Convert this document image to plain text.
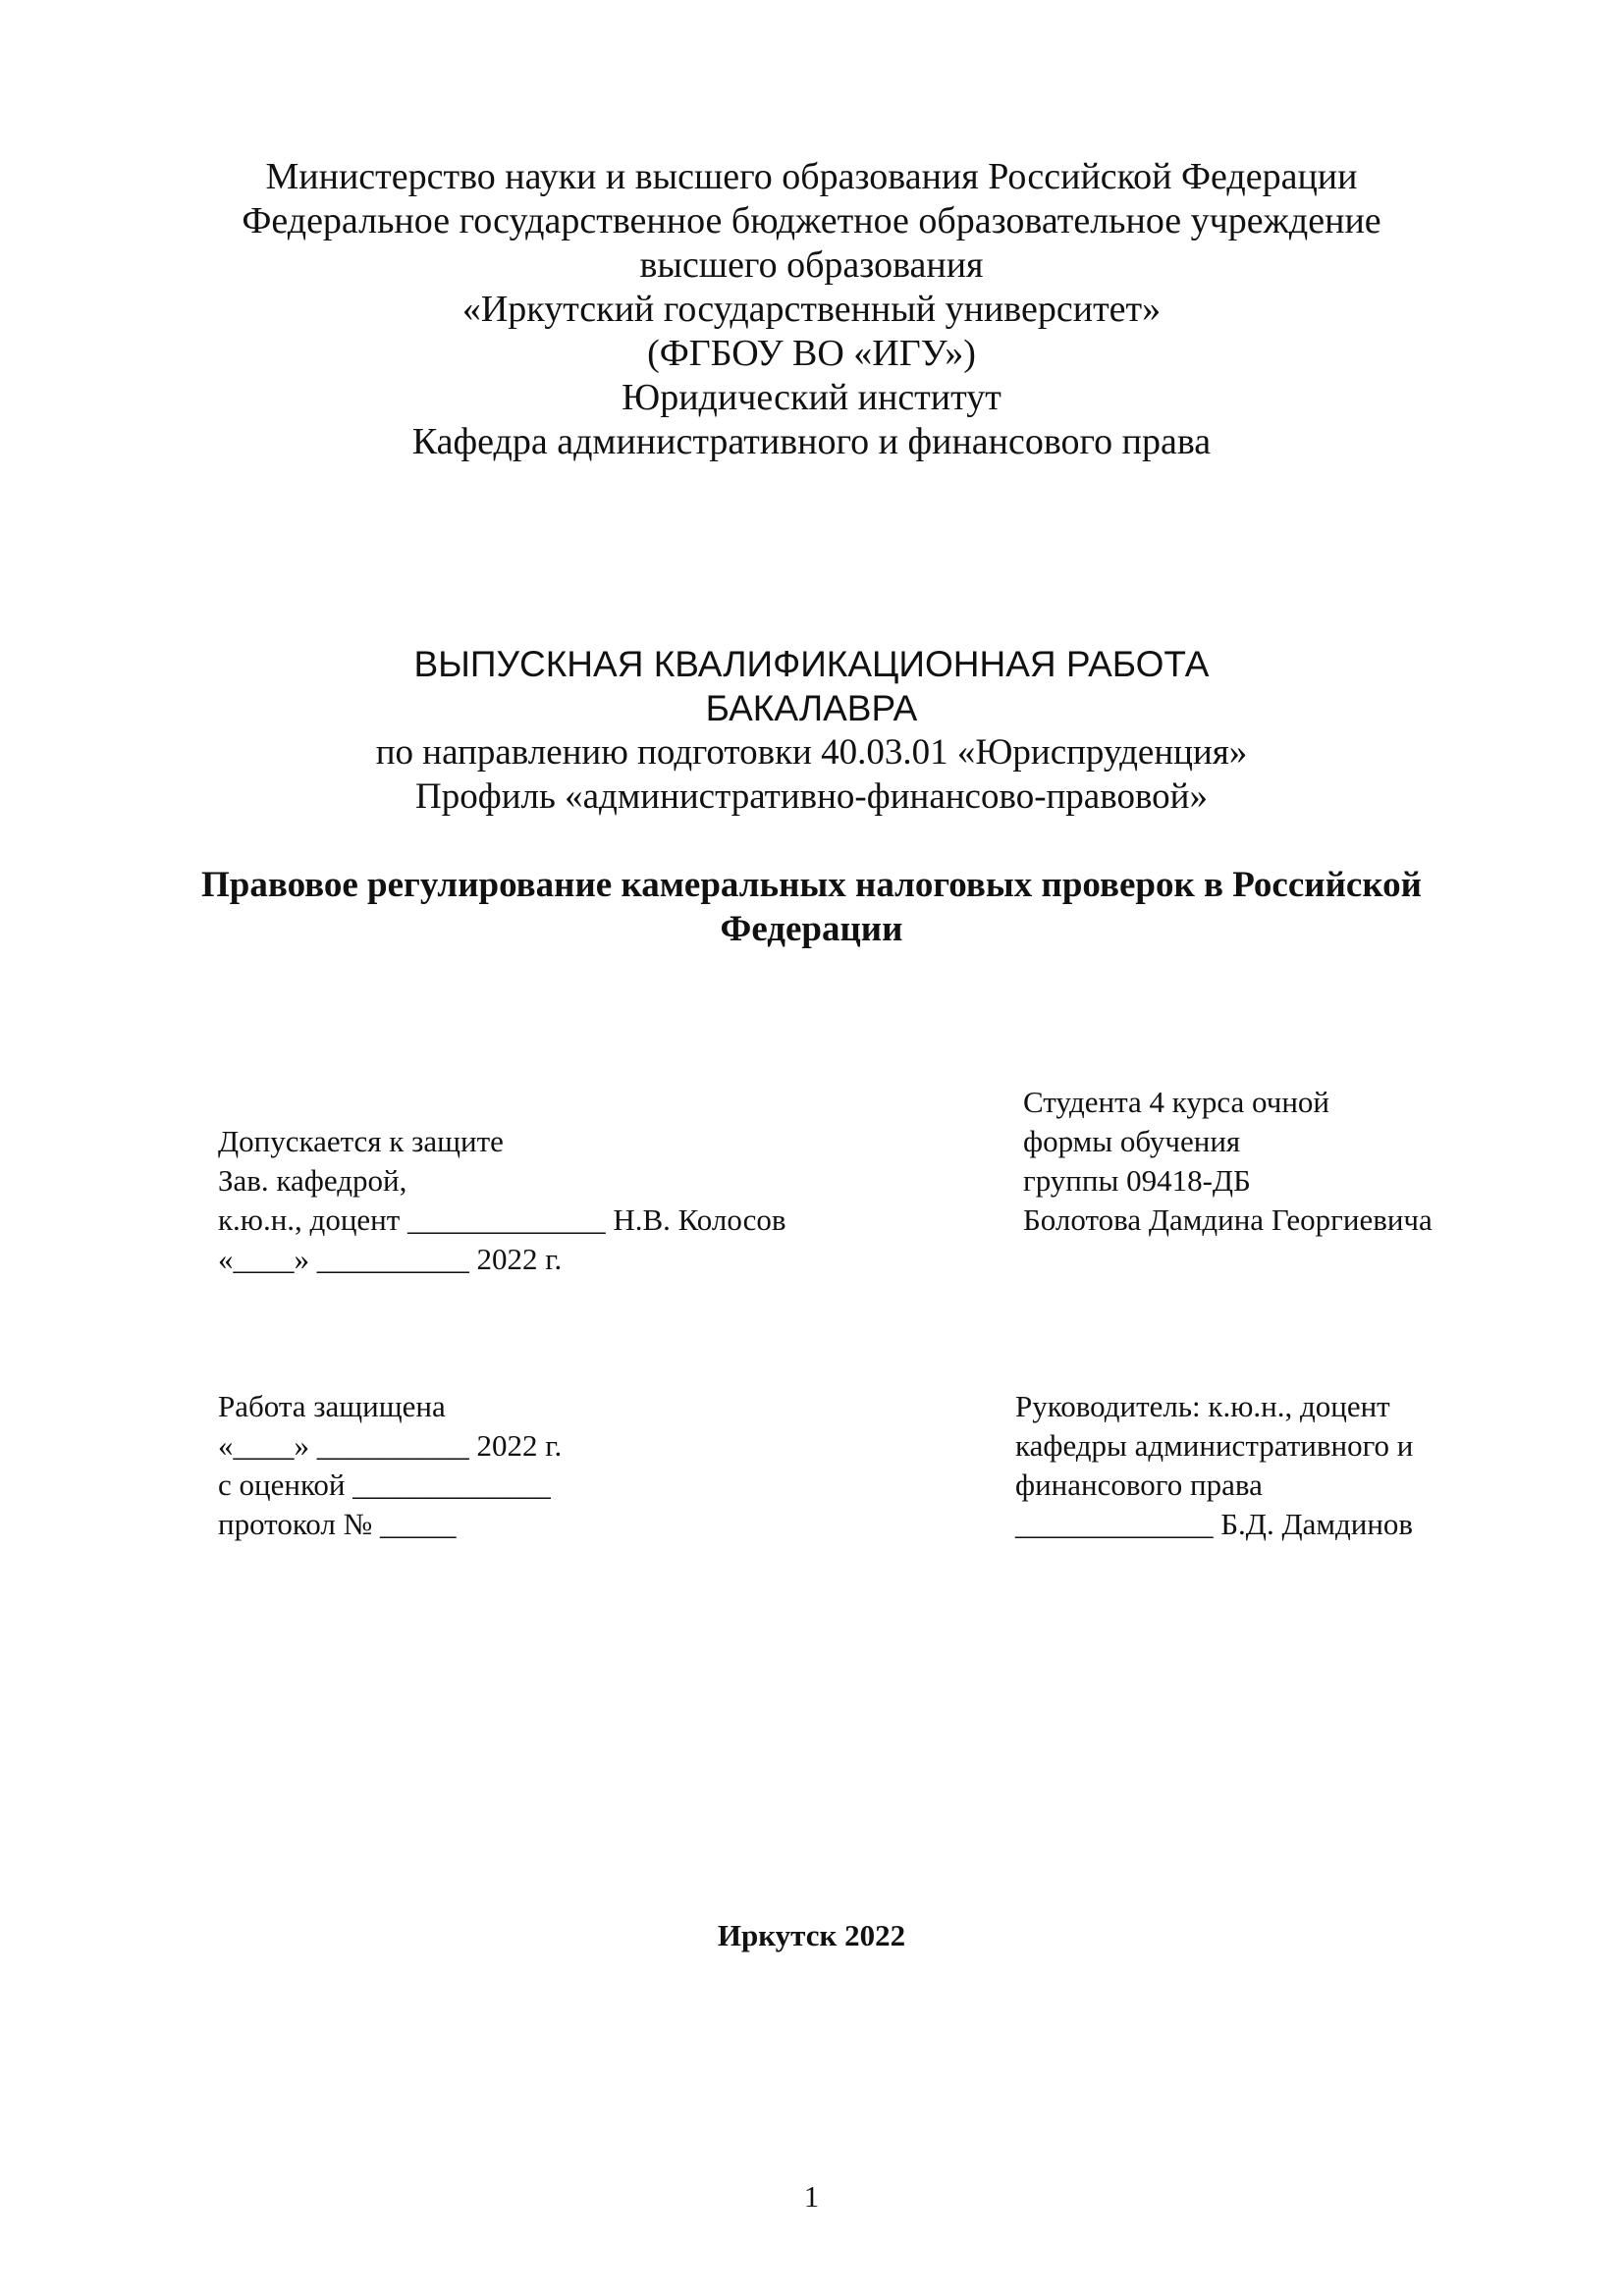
Министерство науки и высшего образования Российской Федерации
Федеральное государственное бюджетное образовательное учреждение
высшего образования
«Иркутский государственный университет»
(ФГБОУ ВО «ИГУ»)
Юридический институт
Кафедра административного и финансового права
ВЫПУСКНАЯ КВАЛИФИКАЦИОННАЯ РАБОТА
БАКАЛАВРА
по направлению подготовки 40.03.01 «Юриспруденция»
Профиль «административно-финансово-правовой»
Правовое регулирование камеральных налоговых проверок в Российской
Федерации
Допускается к защите
Зав. кафедрой,
к.ю.н., доцент _____________ Н.В. Колосов
«____» __________ 2022 г.
Студента 4 курса очной
формы обучения
группы 09418-ДБ
Болотова Дамдина Георгиевича
Работа защищена
«____» __________ 2022 г.
с оценкой _____________
протокол № _____
Руководитель: к.ю.н., доцент
кафедры административного и
финансового права
_____________ Б.Д. Дамдинов
Иркутск 2022
1
